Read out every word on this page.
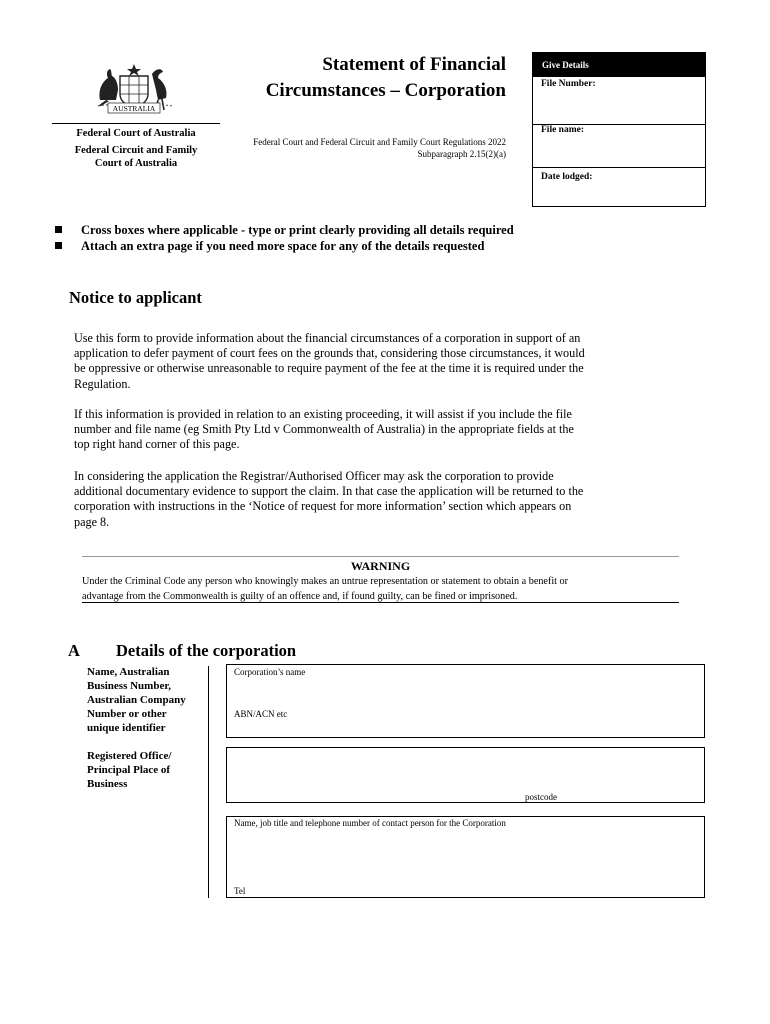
AUSTRALIA
Federal Court of Australia
Federal Circuit and Family
Court of Australia
Statement of Financial
Circumstances – Corporation
Federal Court and Federal Circuit and Family Court Regulations 2022
Subparagraph 2.15(2)(a)
Give Details
File Number:
File name:
Date lodged:
Cross boxes where applicable - type or print clearly providing all details required
Attach an extra page if you need more space for any of the details requested
Notice to applicant
Use this form to provide information about the financial circumstances of a corporation in support of an
application to defer payment of court fees on the grounds that, considering those circumstances, it would
be oppressive or otherwise unreasonable to require payment of the fee at the time it is required under the
Regulation.
If this information is provided in relation to an existing proceeding, it will assist if you include the file
number and file name (eg Smith Pty Ltd v Commonwealth of Australia) in the appropriate fields at the
top right hand corner of this page.
In considering the application the Registrar/Authorised Officer may ask the corporation to provide
additional documentary evidence to support the claim. In that case the application will be returned to the
corporation with instructions in the ‘Notice of request for more information’ section which appears on
page 8.
WARNING
Under the Criminal Code any person who knowingly makes an untrue representation or statement to obtain a benefit or
advantage from the Commonwealth is guilty of an offence and, if found guilty, can be fined or imprisoned.
A Details of the corporation
Name, Australian
Business Number,
Australian Company
Number or other
unique identifier
Registered Office/
Principal Place of
Business
Corporation’s name
ABN/ACN etc
postcode
Name, job title and telephone number of contact person for the Corporation
Tel
